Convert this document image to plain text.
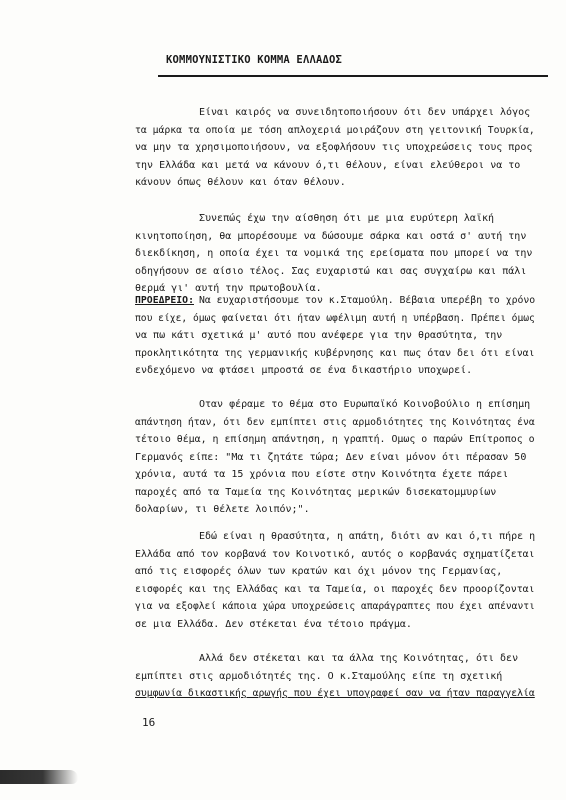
ΚΟΜΜΟΥΝΙΣΤΙΚΟ ΚΟΜΜΑ ΕΛΛΑΔΟΣ
Είναι καιρός να συνειδητοποιήσουν ότι δεν υπάρχει λόγος
τα μάρκα τα οποία με τόση απλοχεριά μοιράζουν στη γειτονική Τουρκία,
να μην τα χρησιμοποιήσουν, να εξοφλήσουν τις υποχρεώσεις τους προς
την Ελλάδα και μετά να κάνουν ό,τι θέλουν, είναι ελεύθεροι να το
κάνουν όπως θέλουν και όταν θέλουν.
Συνεπώς έχω την αίσθηση ότι με μια ευρύτερη λαϊκή
κινητοποίηση, θα μπορέσουμε να δώσουμε σάρκα και οστά σ' αυτή την
διεκδίκηση, η οποία έχει τα νομικά της ερείσματα που μπορεί να την
οδηγήσουν σε αίσιο τέλος. Σας ευχαριστώ και σας συγχαίρω και πάλι
θερμά γι' αυτή την πρωτοβουλία.
ΠΡΟΕΔΡΕΙΟ: Να ευχαριστήσουμε τον κ.Σταμούλη. Βέβαια υπερέβη το χρόνο
που είχε, όμως φαίνεται ότι ήταν ωφέλιμη αυτή η υπέρβαση. Πρέπει όμως
να πω κάτι σχετικά μ' αυτό που ανέφερε για την θρασύτητα, την
προκλητικότητα της γερμανικής κυβέρνησης και πως όταν δει ότι είναι
ενδεχόμενο να φτάσει μπροστά σε ένα δικαστήριο υποχωρεί.
Οταν φέραμε το θέμα στο Ευρωπαϊκό Κοινοβούλιο η επίσημη
απάντηση ήταν, ότι δεν εμπίπτει στις αρμοδιότητες της Κοινότητας ένα
τέτοιο θέμα, η επίσημη απάντηση, η γραπτή. Ομως ο παρών Επίτροπος ο
Γερμανός είπε: "Μα τι ζητάτε τώρα; Δεν είναι μόνον ότι πέρασαν 50
χρόνια, αυτά τα 15 χρόνια που είστε στην Κοινότητα έχετε πάρει
παροχές από τα Ταμεία της Κοινότητας μερικών δισεκατομμυρίων
δολαρίων, τι θέλετε λοιπόν;".
Εδώ είναι η θρασύτητα, η απάτη, διότι αν και ό,τι πήρε η
Ελλάδα από τον κορβανά τον Κοινοτικό, αυτός ο κορβανάς σχηματίζεται
από τις εισφορές όλων των κρατών και όχι μόνον της Γερμανίας,
εισφορές και της Ελλάδας και τα Ταμεία, οι παροχές δεν προορίζονται
για να εξοφλεί κάποια χώρα υποχρεώσεις απαράγραπτες που έχει απέναντι
σε μια Ελλάδα. Δεν στέκεται ένα τέτοιο πράγμα.
Αλλά δεν στέκεται και τα άλλα της Κοινότητας, ότι δεν
εμπίπτει στις αρμοδιότητές της. Ο κ.Σταμούλης είπε τη σχετική
συμφωνία δικαστικής αρωγής που έχει υπογραφεί σαν να ήταν παραγγελία
16
